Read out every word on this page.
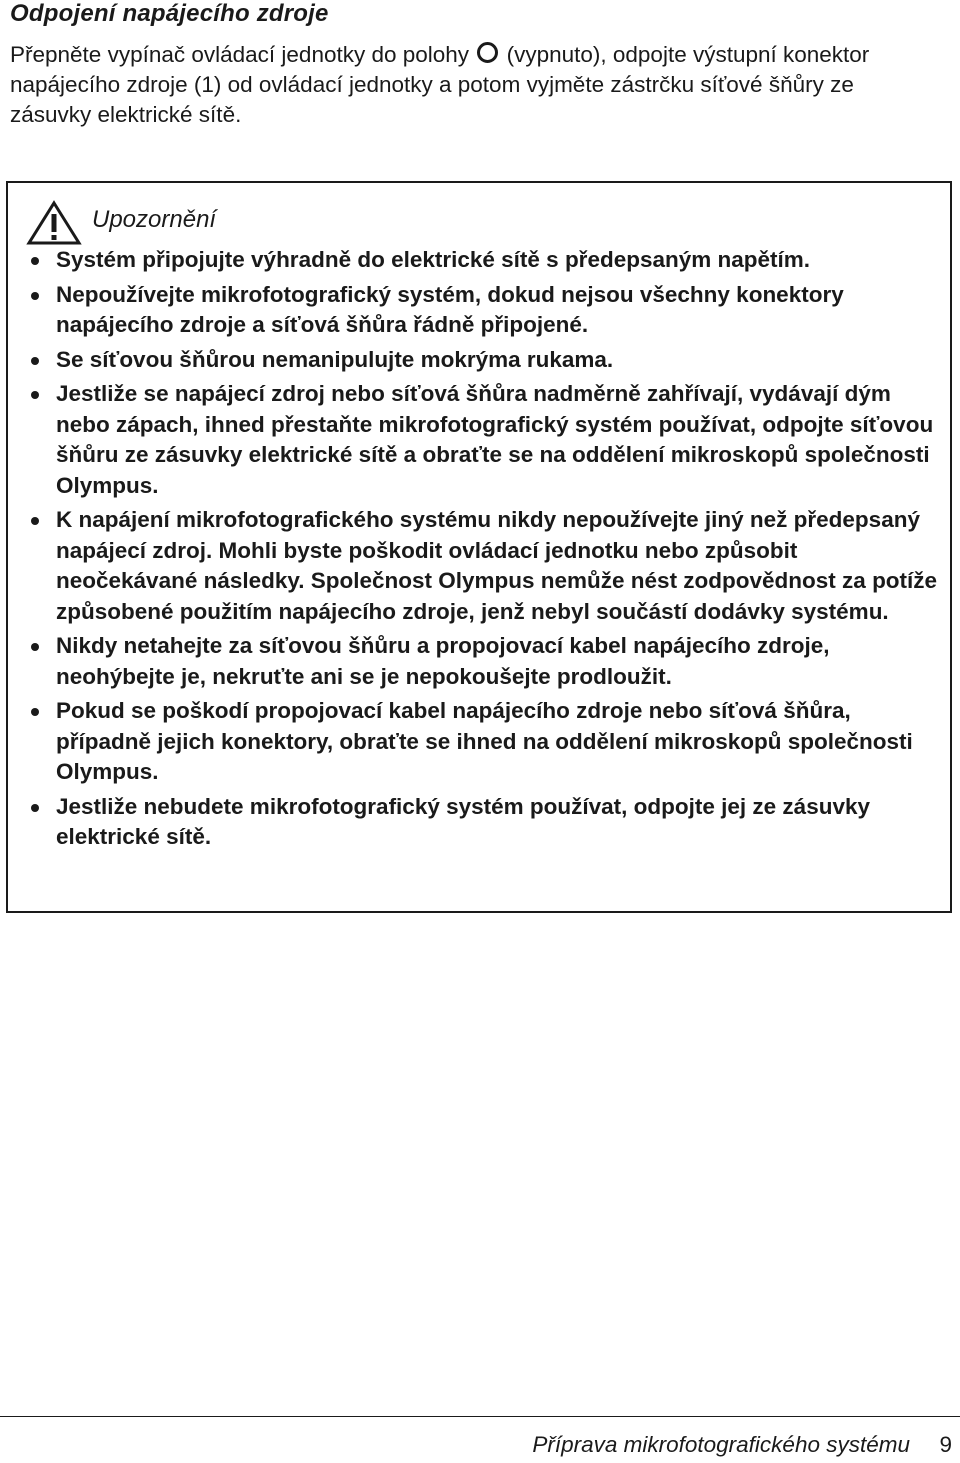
Odpojení napájecího zdroje
Přepněte vypínač ovládací jednotky do polohy (vypnuto), odpojte výstupní konektor napájecího zdroje (1) od ovládací jednotky a potom vyjměte zástrčku síťové šňůry ze zásuvky elektrické sítě.
Upozornění
Systém připojujte výhradně do elektrické sítě s předepsaným napětím.
Nepoužívejte mikrofotografický systém, dokud nejsou všechny konektory napájecího zdroje a síťová šňůra řádně připojené.
Se síťovou šňůrou nemanipulujte mokrýma rukama.
Jestliže se napájecí zdroj nebo síťová šňůra nadměrně zahřívají, vydávají dým nebo zápach, ihned přestaňte mikrofotografický systém používat, odpojte síťovou šňůru ze zásuvky elektrické sítě a obraťte se na oddělení mikroskopů společnosti Olympus.
K napájení mikrofotografického systému nikdy nepoužívejte jiný než předepsaný napájecí zdroj. Mohli byste poškodit ovládací jednotku nebo způsobit neočekávané následky. Společnost Olympus nemůže nést zodpovědnost za potíže způsobené použitím napájecího zdroje, jenž nebyl součástí dodávky systému.
Nikdy netahejte za síťovou šňůru a propojovací kabel napájecího zdroje, neohýbejte je, nekruťte ani se je nepokoušejte prodloužit.
Pokud se poškodí propojovací kabel napájecího zdroje nebo síťová šňůra, případně jejich konektory, obraťte se ihned na oddělení mikroskopů společnosti Olympus.
Jestliže nebudete mikrofotografický systém používat, odpojte jej ze zásuvky elektrické sítě.
Příprava mikrofotografického systému 9
